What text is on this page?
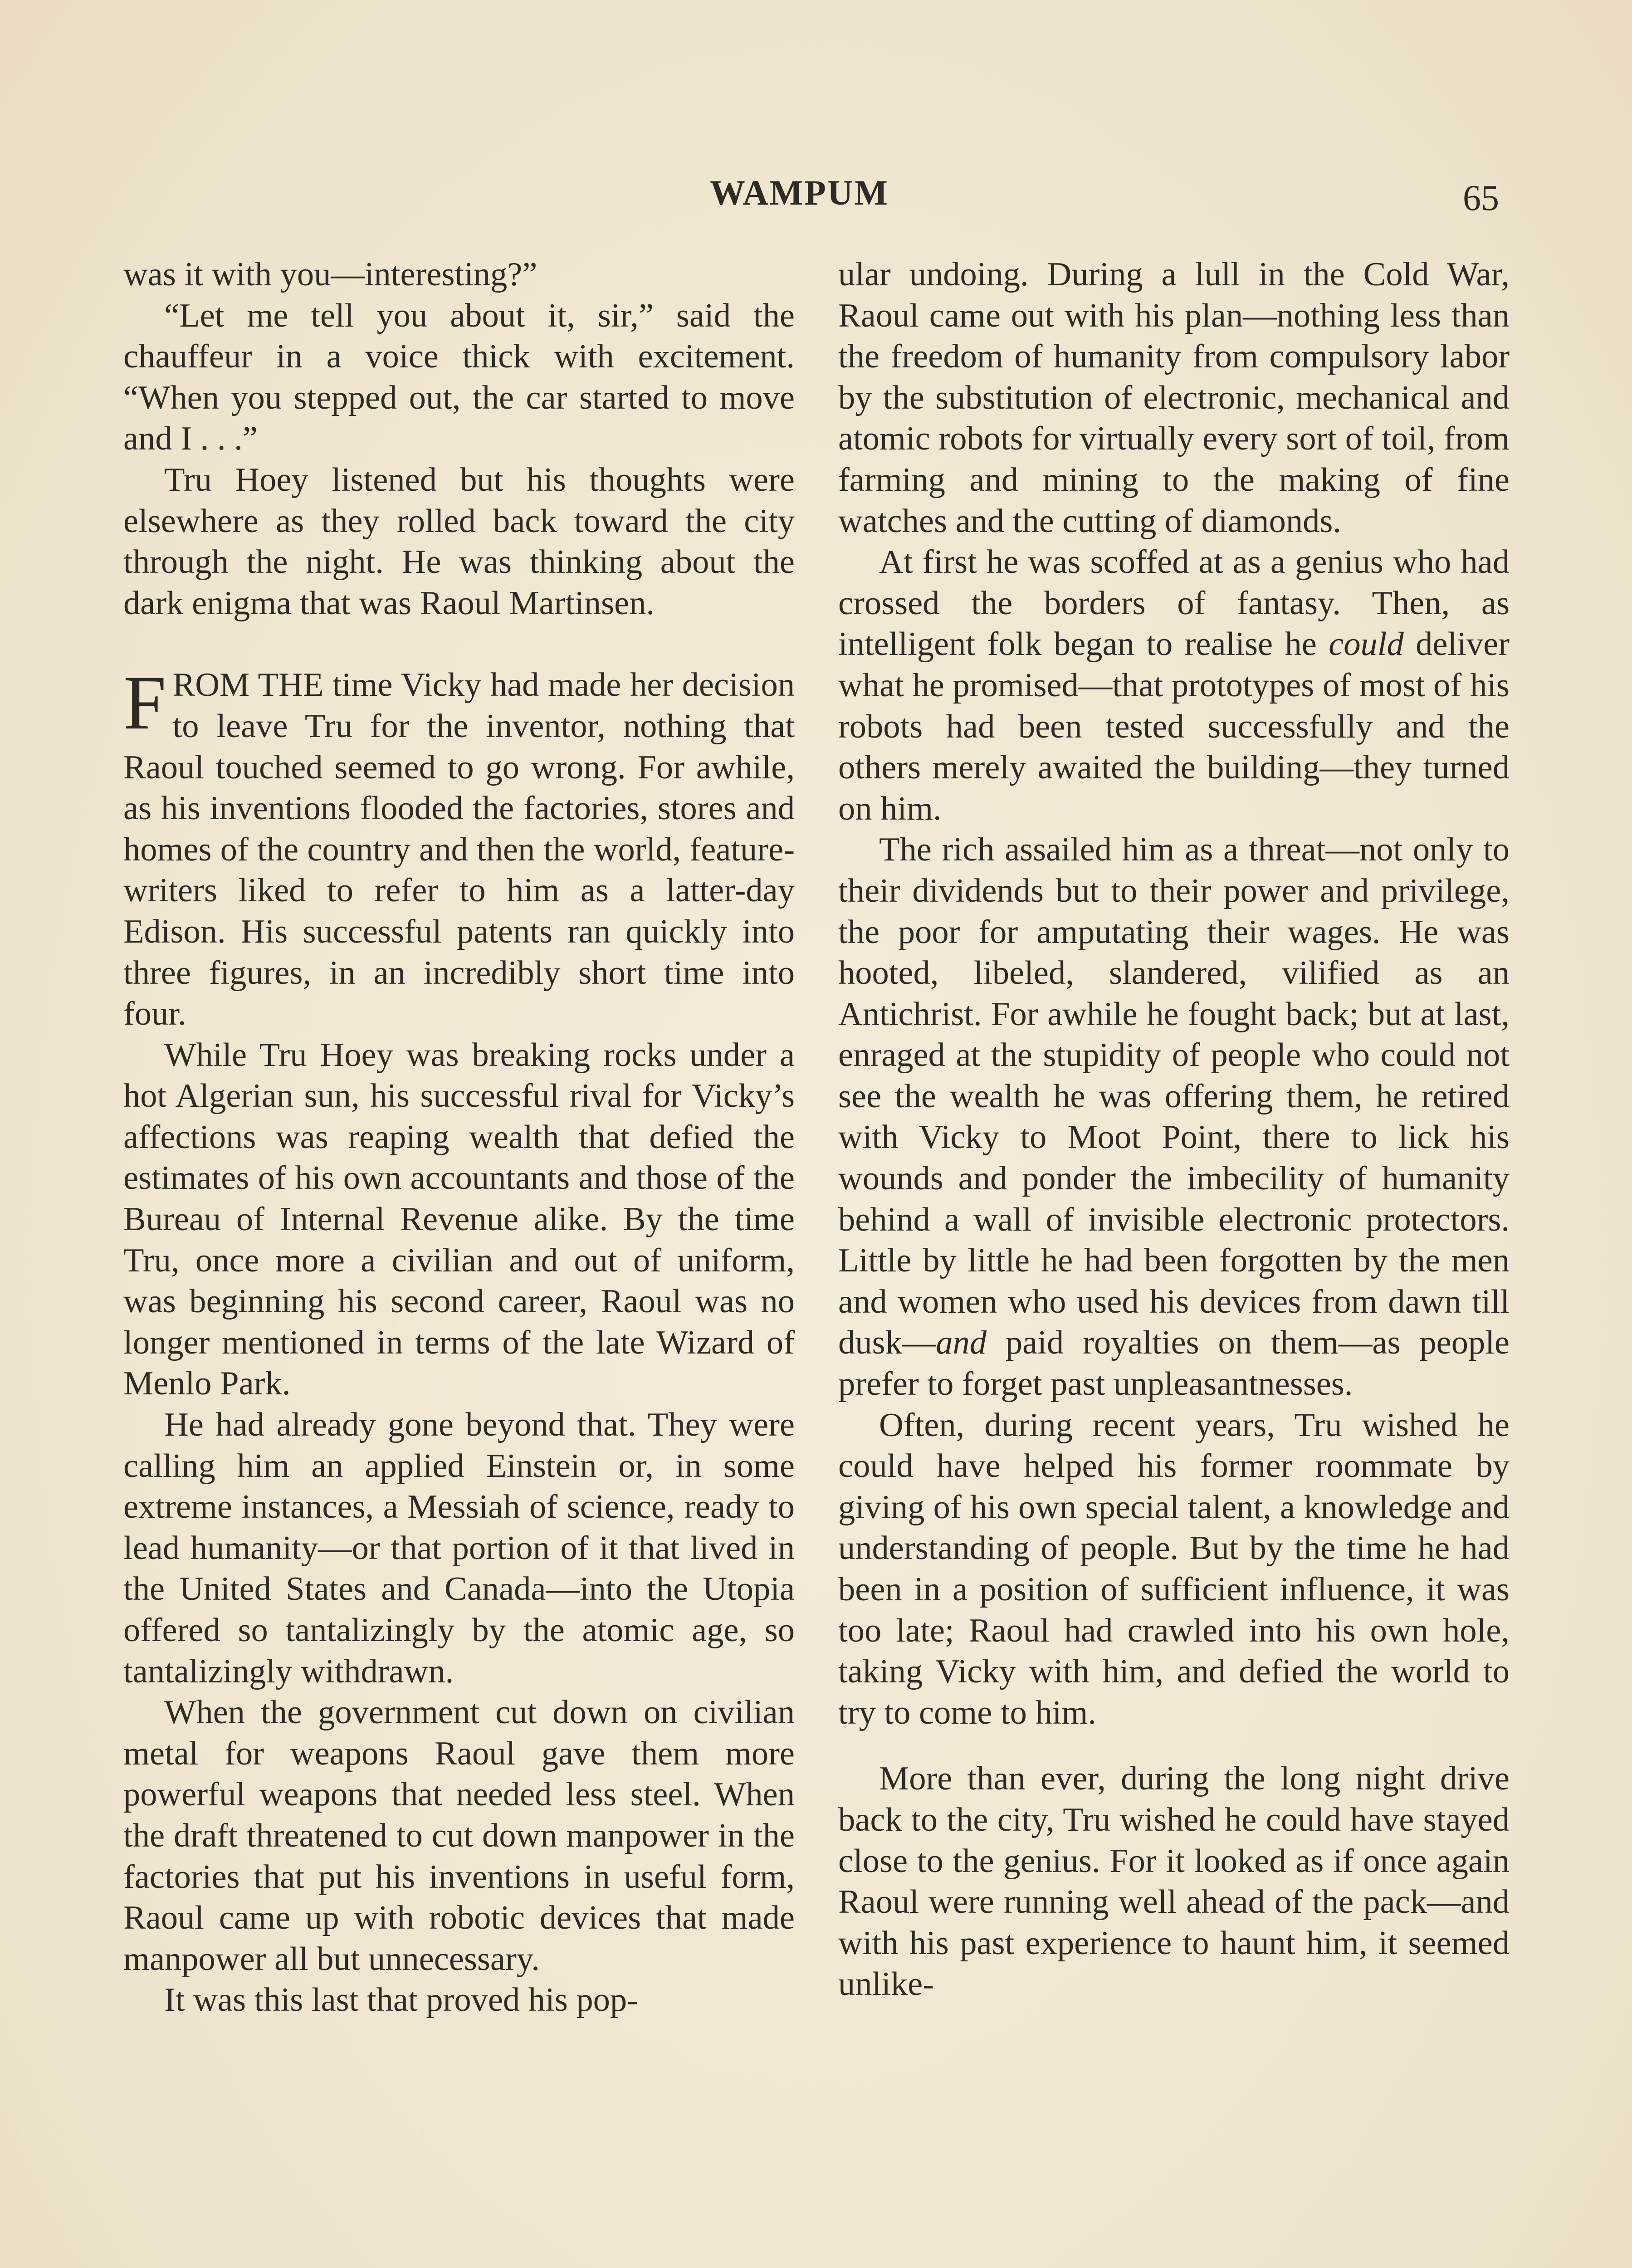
WAMPUM	65

was it with you—interesting?”

“Let me tell you about it, sir,” said the chauffeur in a voice thick with excitement. “When you stepped out, the car started to move and I . . .”

Tru Hoey listened but his thoughts were elsewhere as they rolled back toward the city through the night. He was thinking about the dark enigma that was Raoul Martinsen.

FROM THE time Vicky had made her decision to leave Tru for the inventor, nothing that Raoul touched seemed to go wrong. For awhile, as his inventions flooded the factories, stores and homes of the country and then the world, feature-writers liked to refer to him as a latter-day Edison. His successful patents ran quickly into three figures, in an incredibly short time into four.

While Tru Hoey was breaking rocks under a hot Algerian sun, his successful rival for Vicky’s affections was reaping wealth that defied the estimates of his own accountants and those of the Bureau of Internal Revenue alike. By the time Tru, once more a civilian and out of uniform, was beginning his second career, Raoul was no longer mentioned in terms of the late Wizard of Menlo Park.

He had already gone beyond that. They were calling him an applied Einstein or, in some extreme instances, a Messiah of science, ready to lead humanity—or that portion of it that lived in the United States and Canada—into the Utopia offered so tantalizingly by the atomic age, so tantalizingly withdrawn.

When the government cut down on civilian metal for weapons Raoul gave them more powerful weapons that needed less steel. When the draft threatened to cut down manpower in the factories that put his inventions in useful form, Raoul came up with robotic devices that made manpower all but unnecessary.

It was this last that proved his pop-

ular undoing. During a lull in the Cold War, Raoul came out with his plan—nothing less than the freedom of humanity from compulsory labor by the substitution of electronic, mechanical and atomic robots for virtually every sort of toil, from farming and mining to the making of fine watches and the cutting of diamonds.

At first he was scoffed at as a genius who had crossed the borders of fantasy. Then, as intelligent folk began to realise he could deliver what he promised—that prototypes of most of his robots had been tested successfully and the others merely awaited the building—they turned on him.

The rich assailed him as a threat—not only to their dividends but to their power and privilege, the poor for amputating their wages. He was hooted, libeled, slandered, vilified as an Antichrist. For awhile he fought back; but at last, enraged at the stupidity of people who could not see the wealth he was offering them, he retired with Vicky to Moot Point, there to lick his wounds and ponder the imbecility of humanity behind a wall of invisible electronic protectors. Little by little he had been forgotten by the men and women who used his devices from dawn till dusk—and paid royalties on them—as people prefer to forget past unpleasantnesses.

Often, during recent years, Tru wished he could have helped his former roommate by giving of his own special talent, a knowledge and understanding of people. But by the time he had been in a position of sufficient influence, it was too late; Raoul had crawled into his own hole, taking Vicky with him, and defied the world to try to come to him.

More than ever, during the long night drive back to the city, Tru wished he could have stayed close to the genius. For it looked as if once again Raoul were running well ahead of the pack—and with his past experience to haunt him, it seemed unlike-
